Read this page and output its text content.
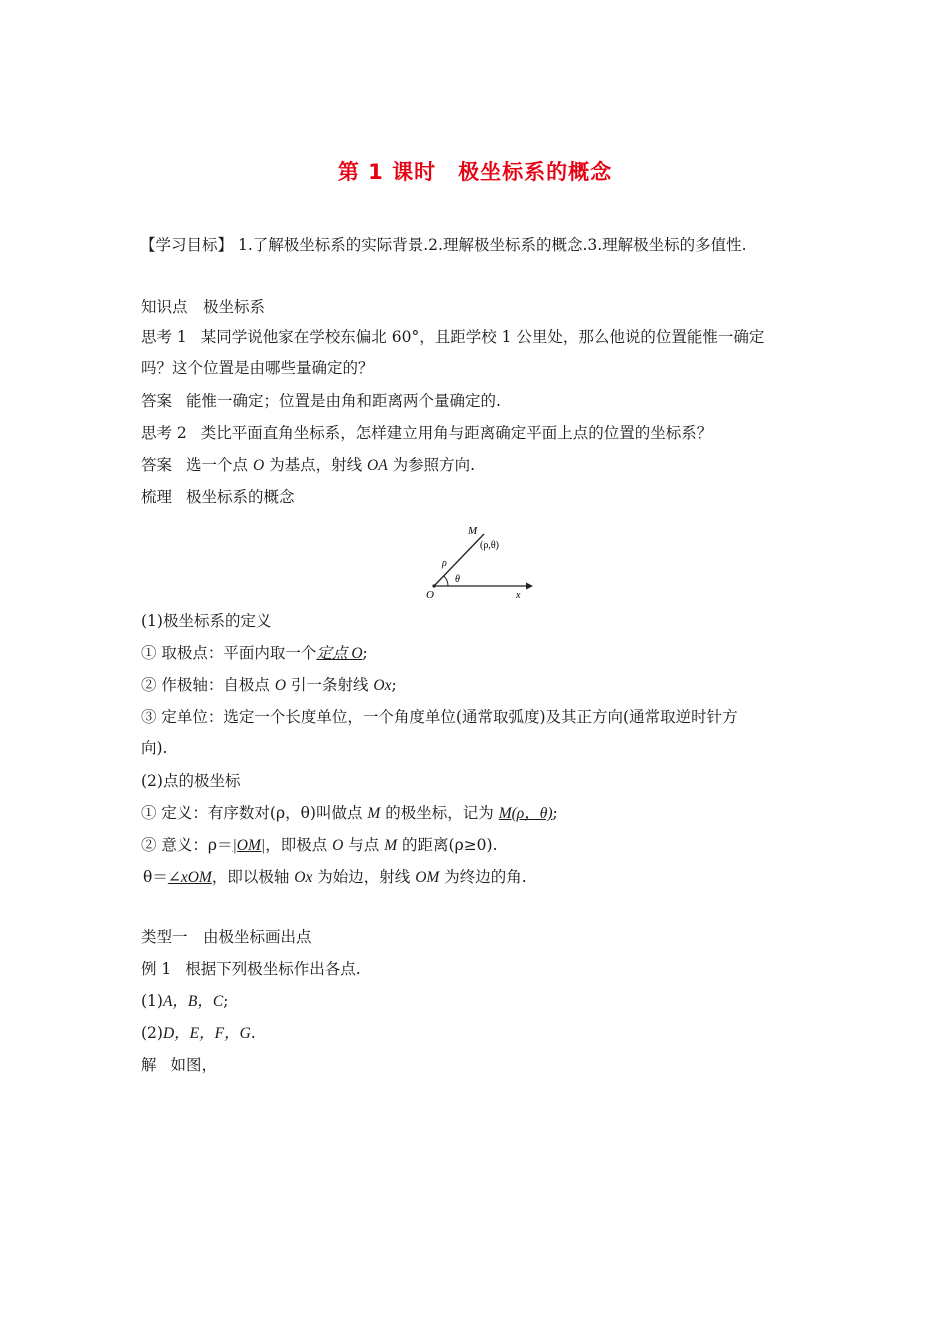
第 1 课时　极坐标系的概念
【学习目标】 1.了解极坐标系的实际背景.2.理解极坐标系的概念.3.理解极坐标的多值性.
知识点　极坐标系
思考 1 某同学说他家在学校东偏北 60°，且距学校 1 公里处，那么他说的位置能惟一确定
吗？这个位置是由哪些量确定的？
答案 能惟一确定；位置是由角和距离两个量确定的.
思考 2 类比平面直角坐标系，怎样建立用角与距离确定平面上点的位置的坐标系？
答案 选一个点 O 为基点，射线 OA 为参照方向.
梳理 极坐标系的概念
M
(ρ,θ)
ρ
θ
O	x
(1)极坐标系的定义
① 取极点：平面内取一个定点 O;
② 作极轴：自极点 O 引一条射线 Ox;
③ 定单位：选定一个长度单位，一个角度单位(通常取弧度)及其正方向(通常取逆时针方
向).
(2)点的极坐标
① 定义：有序数对(ρ，θ)叫做点 M 的极坐标，记为 M(ρ，θ);
② 意义：ρ＝|OM|，即极点 O 与点 M 的距离(ρ≥0).
θ＝∠xOM，即以极轴 Ox 为始边，射线 OM 为终边的角.
类型一　由极坐标画出点
例 1 根据下列极坐标作出各点.
(1)A，B，C;
(2)D，E，F，G.
解 如图，
